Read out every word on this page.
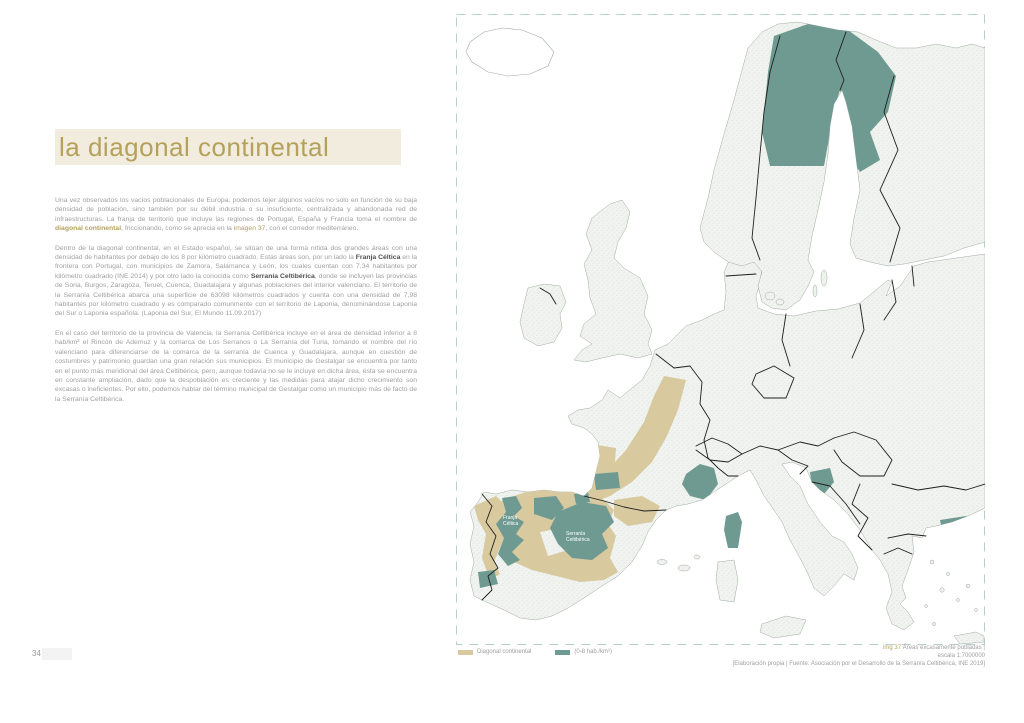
la diagonal continental

Una vez observados los vacíos poblacionales de Europa, podemos tejer algunos vacíos no solo en función de su baja densidad de población, sino también por su débil industria o su insuficiente, centralizada y abandonada red de infraestructuras. La franja de territorio que incluye las regiones de Portugal, España y Francia toma el nombre de diagonal continental, friccionando, como se aprecia en la imagen 37, con el corredor mediterráneo.

Dentro de la diagonal continental, en el Estado español, se sitúan de una forma nítida dos grandes áreas con una densidad de habitantes por debajo de los 8 por kilómetro cuadrado. Estas áreas son, por un lado la Franja Céltica en la frontera con Portugal, con municipios de Zamora, Salamanca y León, los cuales cuentan con 7,34 habitantes por kilómetro cuadrado (INE 2014) y por otro lado la conocida como Serranía Celtibérica, donde se incluyen las provincias de Soria, Burgos, Zaragoza, Teruel, Cuenca, Guadalajara y algunas poblaciones del interior valenciano. El territorio de la Serranía Celtibérica abarca una superficie de 63098 kilómetros cuadrados y cuenta con una densidad de 7,98 habitantes por kilómetro cuadrado y es comparado comunmente con el territorio de Laponia, denominándose Laponia del Sur o Laponia española. (Laponia del Sur, El Mundo 11.09.2017)

En el caso del territorio de la provincia de Valencia, la Serranía Celtibérica incluye en el área de densidad inferior a 8 hab/km² el Rincón de Ademuz y la comarca de Los Serranos o La Serranía del Turia, tomando el nombre del río valenciano para diferenciarse de la comarca de la serranía de Cuenca y Guadalajara, aunque en cuestión de costumbres y patrimonio guardan una gran relación sus municipios. El municipio de Gestalgar se encuentra por tanto en el punto más meridional del área Celtibérica, pero, aunque todavía no se le incluye en dicha área, ésta se encuentra en constante ampliación, dado que la despoblación es creciente y las medidas para atajar dicho crecimiento son excasas o ineficientes. Por ello, podemos hablar del término municipal de Gestalgar como un municipio más de facto de la Serranía Celtibérica.

34
Franja
Céltica
Serranía
Celtibérica
Diagonal continental	(0-8 hab./km²)
img 37 Áreas excasamente pobladas |
escala 1:7000000
[Elaboración propia | Fuente: Asociación por el Desarrollo de la Serranía Celtibérica, INE 2019]
